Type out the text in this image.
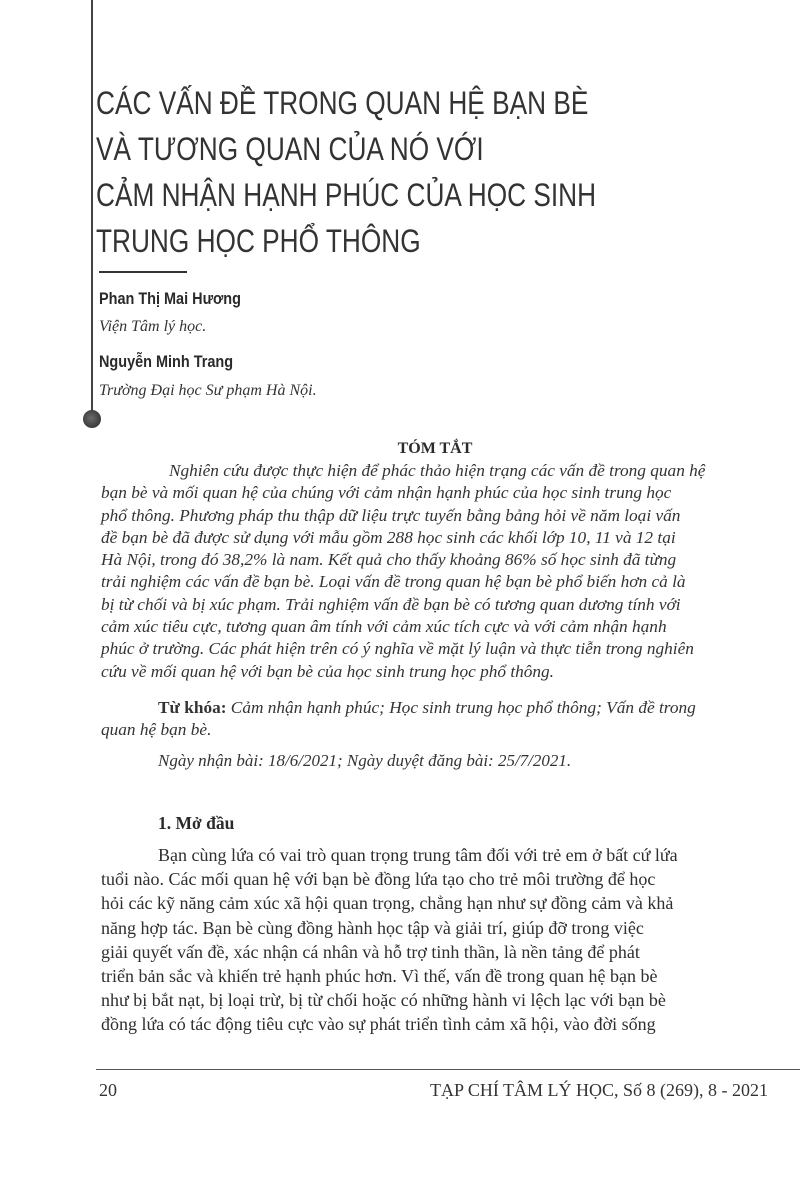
CÁC VẤN ĐỀ TRONG QUAN HỆ BẠN BÈ
VÀ TƯƠNG QUAN CỦA NÓ VỚI
CẢM NHẬN HẠNH PHÚC CỦA HỌC SINH
TRUNG HỌC PHỔ THÔNG
Phan Thị Mai Hương
Viện Tâm lý học.
Nguyễn Minh Trang
Trường Đại học Sư phạm Hà Nội.
TÓM TẮT
Nghiên cứu được thực hiện để phác thảo hiện trạng các vấn đề trong quan hệ
bạn bè và mối quan hệ của chúng với cảm nhận hạnh phúc của học sinh trung học
phổ thông. Phương pháp thu thập dữ liệu trực tuyến bằng bảng hỏi về năm loại vấn
đề bạn bè đã được sử dụng với mẫu gồm 288 học sinh các khối lớp 10, 11 và 12 tại
Hà Nội, trong đó 38,2% là nam. Kết quả cho thấy khoảng 86% số học sinh đã từng
trải nghiệm các vấn đề bạn bè. Loại vấn đề trong quan hệ bạn bè phổ biến hơn cả là
bị từ chối và bị xúc phạm. Trải nghiệm vấn đề bạn bè có tương quan dương tính với
cảm xúc tiêu cực, tương quan âm tính với cảm xúc tích cực và với cảm nhận hạnh
phúc ở trường. Các phát hiện trên có ý nghĩa về mặt lý luận và thực tiễn trong nghiên
cứu về mối quan hệ với bạn bè của học sinh trung học phổ thông.
Từ khóa: Cảm nhận hạnh phúc; Học sinh trung học phổ thông; Vấn đề trong
quan hệ bạn bè.
Ngày nhận bài: 18/6/2021; Ngày duyệt đăng bài: 25/7/2021.
1. Mở đầu
Bạn cùng lứa có vai trò quan trọng trung tâm đối với trẻ em ở bất cứ lứa
tuổi nào. Các mối quan hệ với bạn bè đồng lứa tạo cho trẻ môi trường để học
hỏi các kỹ năng cảm xúc xã hội quan trọng, chẳng hạn như sự đồng cảm và khả
năng hợp tác. Bạn bè cùng đồng hành học tập và giải trí, giúp đỡ trong việc
giải quyết vấn đề, xác nhận cá nhân và hỗ trợ tinh thần, là nền tảng để phát
triển bản sắc và khiến trẻ hạnh phúc hơn. Vì thế, vấn đề trong quan hệ bạn bè
như bị bắt nạt, bị loại trừ, bị từ chối hoặc có những hành vi lệch lạc với bạn bè
đồng lứa có tác động tiêu cực vào sự phát triển tình cảm xã hội, vào đời sống
20	TẠP CHÍ TÂM LÝ HỌC, Số 8 (269), 8 - 2021
